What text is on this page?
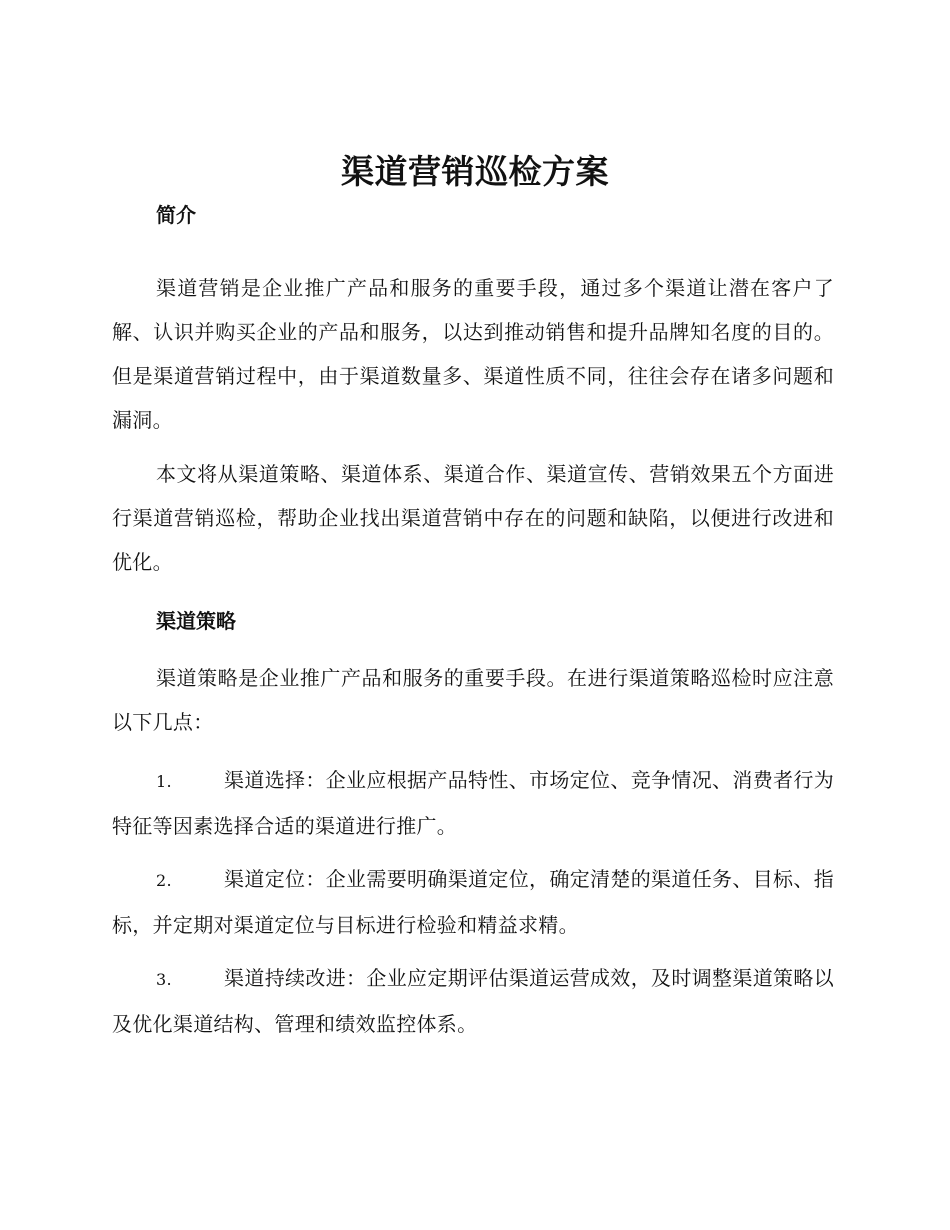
渠道营销巡检方案
简介

渠道营销是企业推广产品和服务的重要手段，通过多个渠道让潜在客户了解、认识并购买企业的产品和服务，以达到推动销售和提升品牌知名度的目的。但是渠道营销过程中，由于渠道数量多、渠道性质不同，往往会存在诸多问题和漏洞。

本文将从渠道策略、渠道体系、渠道合作、渠道宣传、营销效果五个方面进行渠道营销巡检，帮助企业找出渠道营销中存在的问题和缺陷，以便进行改进和优化。

渠道策略

渠道策略是企业推广产品和服务的重要手段。在进行渠道策略巡检时应注意以下几点：

1.	渠道选择：企业应根据产品特性、市场定位、竞争情况、消费者行为特征等因素选择合适的渠道进行推广。
2.	渠道定位：企业需要明确渠道定位，确定清楚的渠道任务、目标、指标，并定期对渠道定位与目标进行检验和精益求精。
3.	渠道持续改进：企业应定期评估渠道运营成效，及时调整渠道策略以及优化渠道结构、管理和绩效监控体系。
